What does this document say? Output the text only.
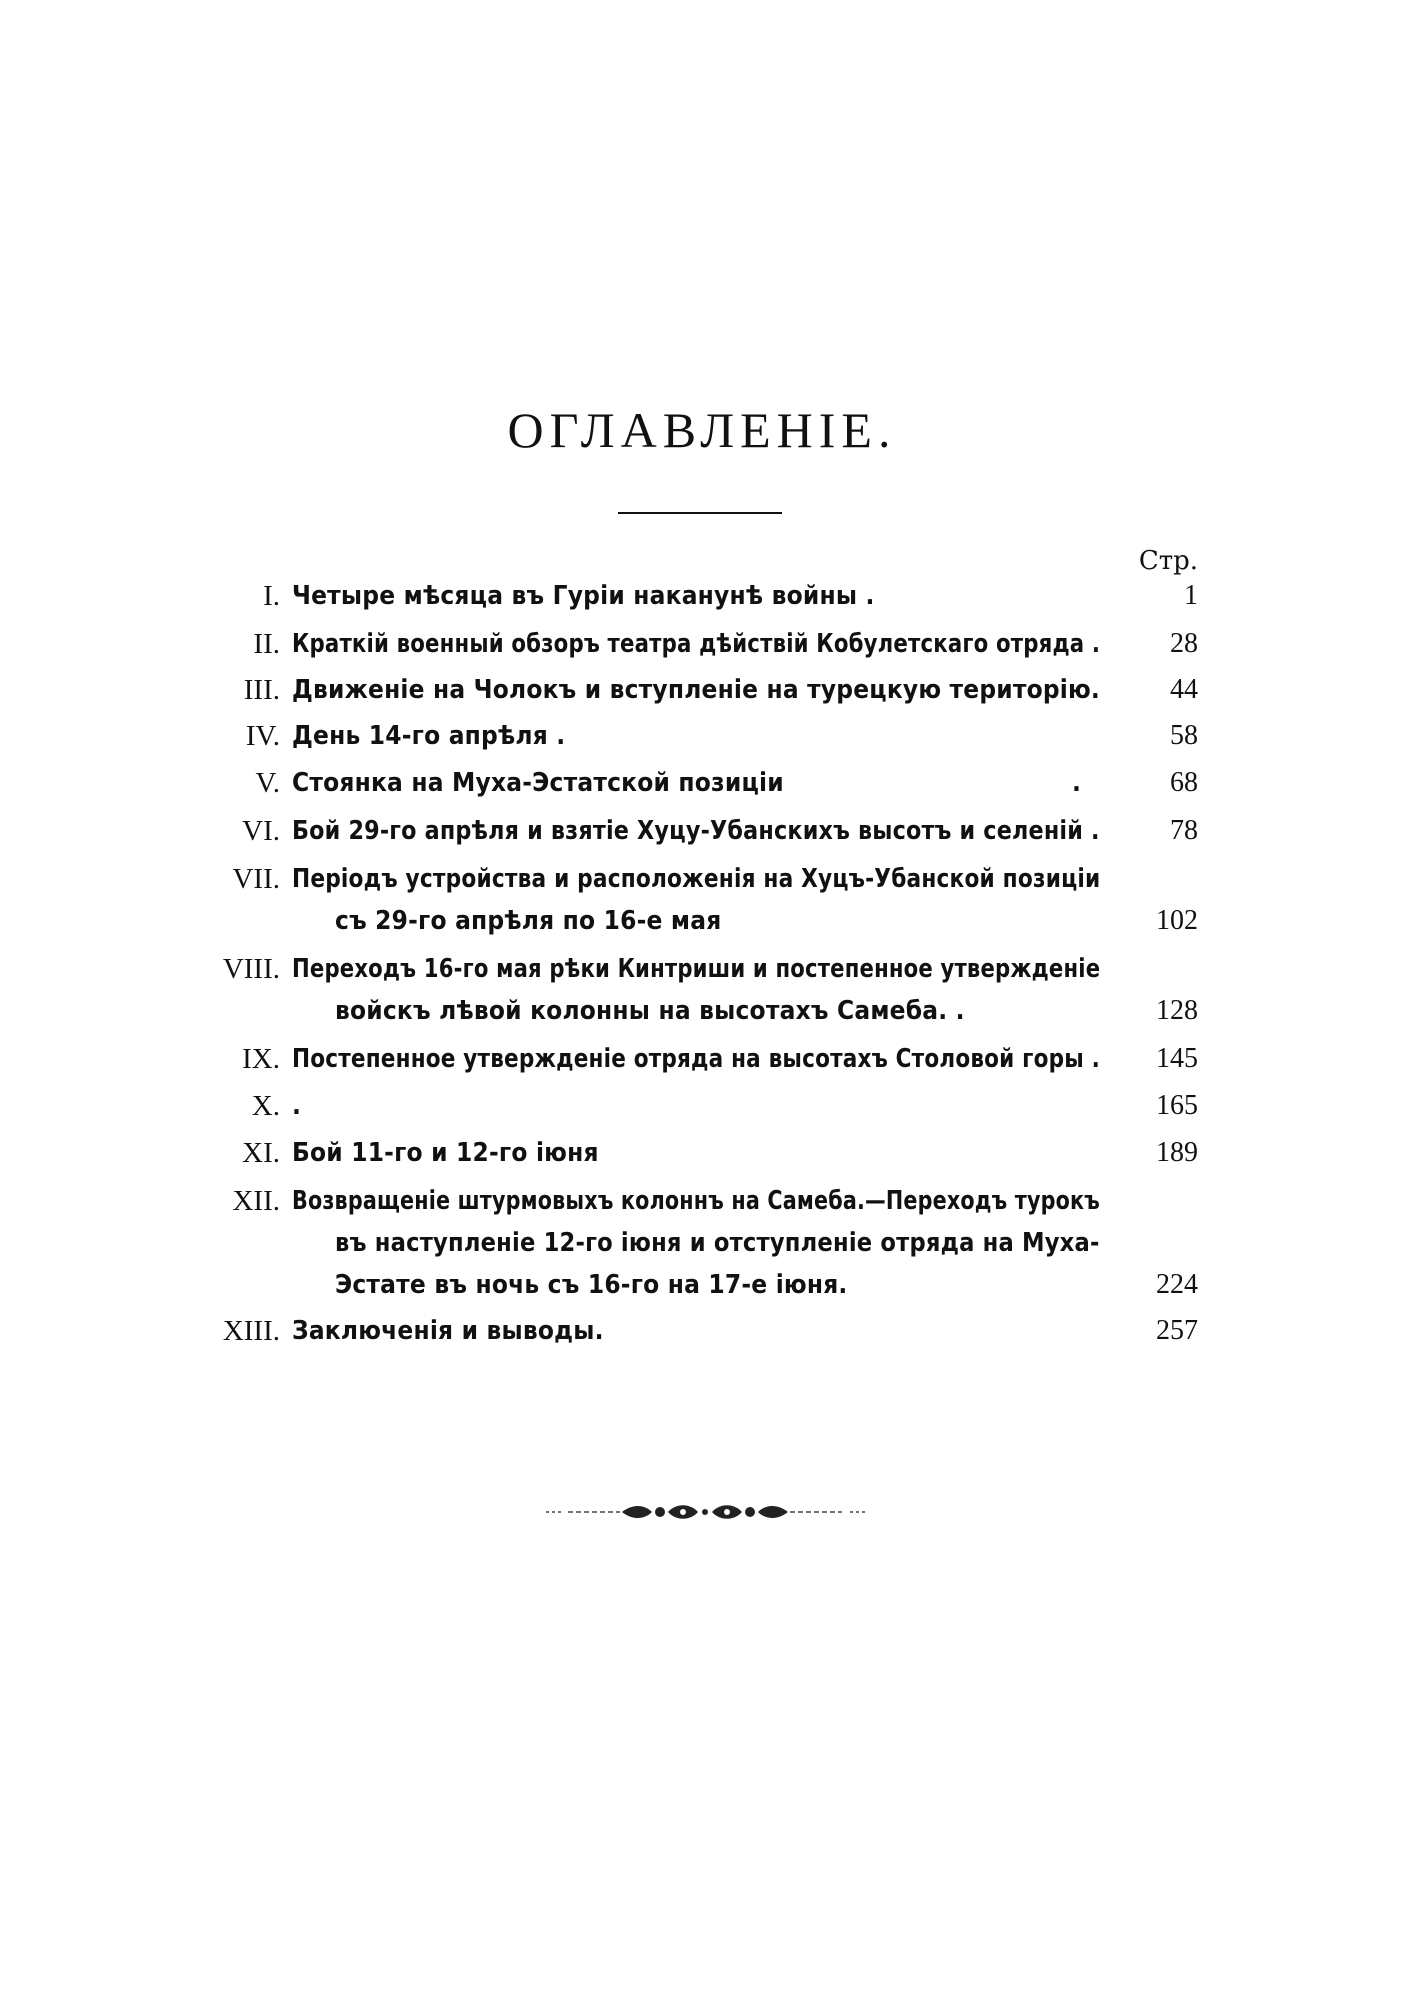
ОГЛАВЛЕНІЕ.
Стр.
I. Четыре мѣсяца въ Гуріи наканунѣ войны .	1
II. Краткій военный обзоръ театра дѣйствій Кобулетскаго отряда .	28
III. Движеніе на Чолокъ и вступленіе на турецкую територію.	44
IV. День 14-го апрѣля .	58
V. Стоянка на Муха-Эстатской позиціи	.	68
VI. Бой 29-го апрѣля и взятіе Хуцу-Убанскихъ высотъ и селеній .	78
VII. Періодъ устройства и расположенія на Хуцъ-Убанской позиціи
съ 29-го апрѣля по 16-е мая	102
VIII. Переходъ 16-го мая рѣки Кинтриши и постепенное утвержденіе
войскъ лѣвой колонны на высотахъ Самеба. .	128
IX. Постепенное утвержденіе отряда на высотахъ Столовой горы .	145
X. .	165
XI. Бой 11-го и 12-го іюня	189
XII. Возвращеніе штурмовыхъ колоннъ на Самеба.—Переходъ турокъ
въ наступленіе 12-го іюня и отступленіе отряда на Муха-
Эстате въ ночь съ 16-го на 17-е іюня.	224
XIII. Заключенія и выводы.	257
